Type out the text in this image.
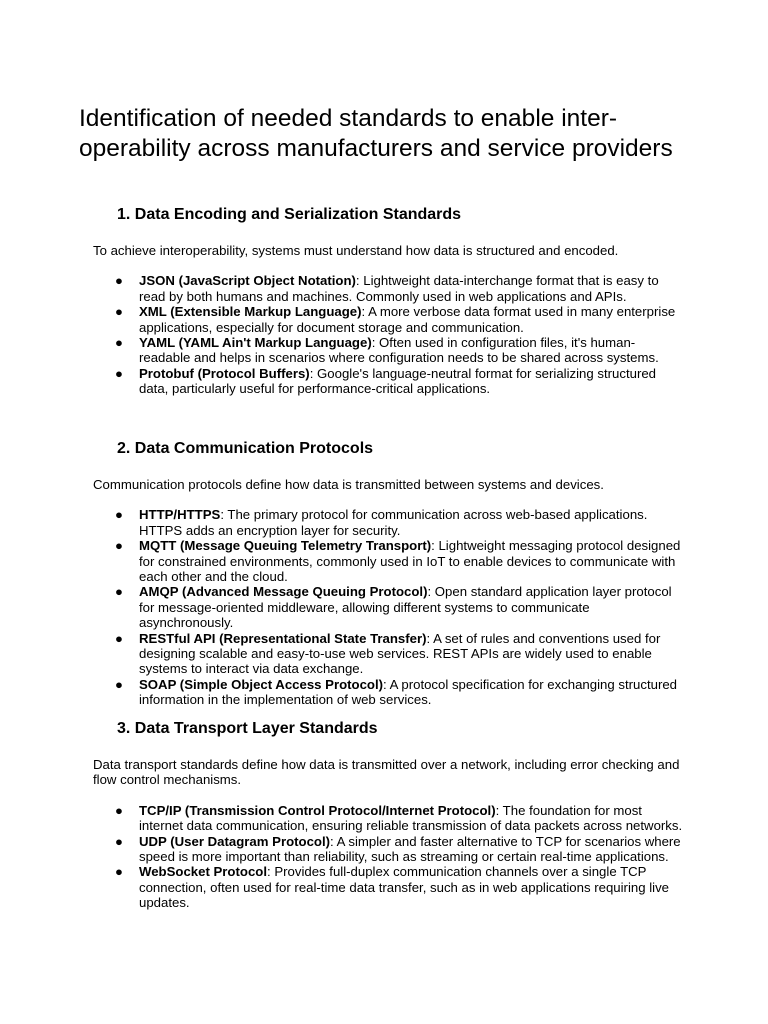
Identification of needed standards to enable inter-operability across manufacturers and service providers
1. Data Encoding and Serialization Standards

To achieve interoperability, systems must understand how data is structured and encoded.

● JSON (JavaScript Object Notation): Lightweight data-interchange format that is easy to read by both humans and machines. Commonly used in web applications and APIs.
● XML (Extensible Markup Language): A more verbose data format used in many enterprise applications, especially for document storage and communication.
● YAML (YAML Ain't Markup Language): Often used in configuration files, it's human-readable and helps in scenarios where configuration needs to be shared across systems.
● Protobuf (Protocol Buffers): Google's language-neutral format for serializing structured data, particularly useful for performance-critical applications.
2. Data Communication Protocols

Communication protocols define how data is transmitted between systems and devices.

● HTTP/HTTPS: The primary protocol for communication across web-based applications. HTTPS adds an encryption layer for security.
● MQTT (Message Queuing Telemetry Transport): Lightweight messaging protocol designed for constrained environments, commonly used in IoT to enable devices to communicate with each other and the cloud.
● AMQP (Advanced Message Queuing Protocol): Open standard application layer protocol for message-oriented middleware, allowing different systems to communicate asynchronously.
● RESTful API (Representational State Transfer): A set of rules and conventions used for designing scalable and easy-to-use web services. REST APIs are widely used to enable systems to interact via data exchange.
● SOAP (Simple Object Access Protocol): A protocol specification for exchanging structured information in the implementation of web services.
3. Data Transport Layer Standards

Data transport standards define how data is transmitted over a network, including error checking and flow control mechanisms.

● TCP/IP (Transmission Control Protocol/Internet Protocol): The foundation for most internet data communication, ensuring reliable transmission of data packets across networks.
● UDP (User Datagram Protocol): A simpler and faster alternative to TCP for scenarios where speed is more important than reliability, such as streaming or certain real-time applications.
● WebSocket Protocol: Provides full-duplex communication channels over a single TCP connection, often used for real-time data transfer, such as in web applications requiring live updates.
